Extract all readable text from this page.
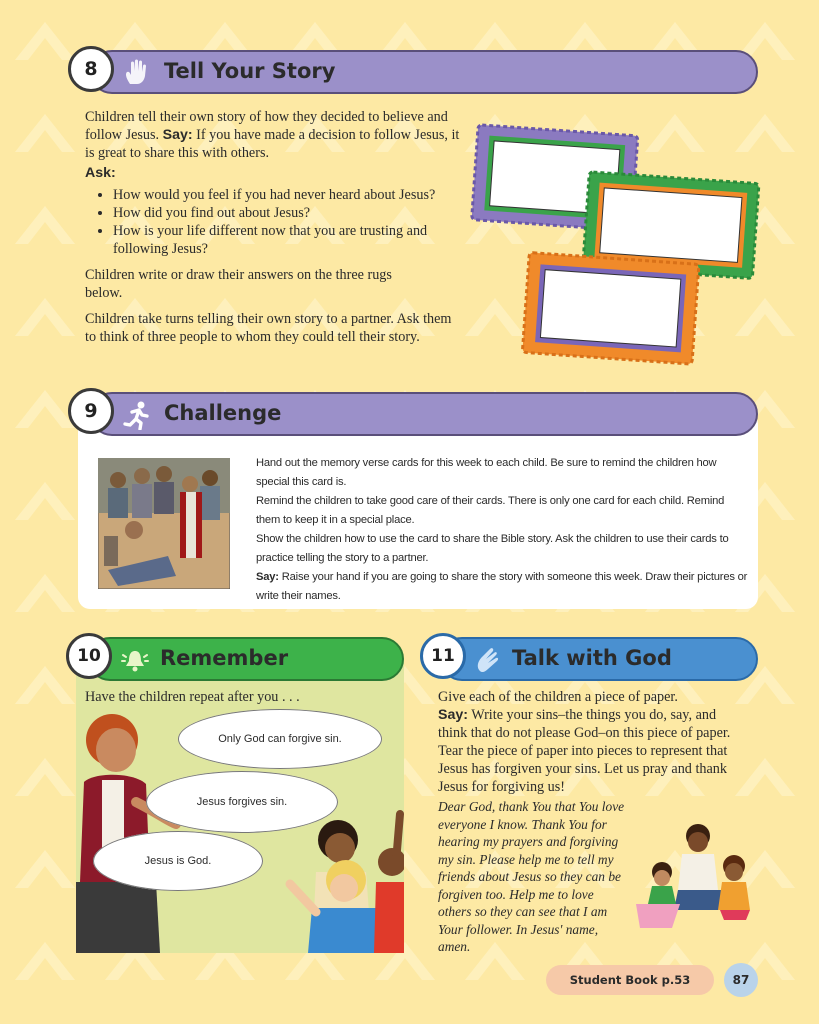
Tell Your Story
8

Children tell their own story of how they decided to believe and follow Jesus. Say: If you have made a decision to follow Jesus, it is great to share this with others.

Ask:
• How would you feel if you had never heard about Jesus?
• How did you find out about Jesus?
• How is your life different now that you are trusting and following Jesus?

Children write or draw their answers on the three rugs below.

Children take turns telling their own story to a partner. Ask them to think of three people to whom they could tell their story.

Challenge
9

Hand out the memory verse cards for this week to each child. Be sure to remind the children how special this card is.

Remind the children to take good care of their cards. There is only one card for each child. Remind them to keep it in a special place.

Show the children how to use the card to share the Bible story. Ask the children to use their cards to practice telling the story to a partner.

Say: Raise your hand if you are going to share the story with someone this week. Draw their pictures or write their names.

Remember
10
Have the children repeat after you . . .
Only God can forgive sin.
Jesus forgives sin.
Jesus is God.
Talk with God
11
Give each of the children a piece of paper.
Say: Write your sins–the things you do, say, and think that do not please God–on this piece of paper. Tear the piece of paper into pieces to represent that Jesus has forgiven your sins. Let us pray and thank Jesus for forgiving us!
Dear God, thank You that You love everyone I know. Thank You for hearing my prayers and forgiving my sin. Please help me to tell my friends about Jesus so they can be forgiven too. Help me to love others so they can see that I am Your follower. In Jesus' name, amen.
Student Book p.53	87
